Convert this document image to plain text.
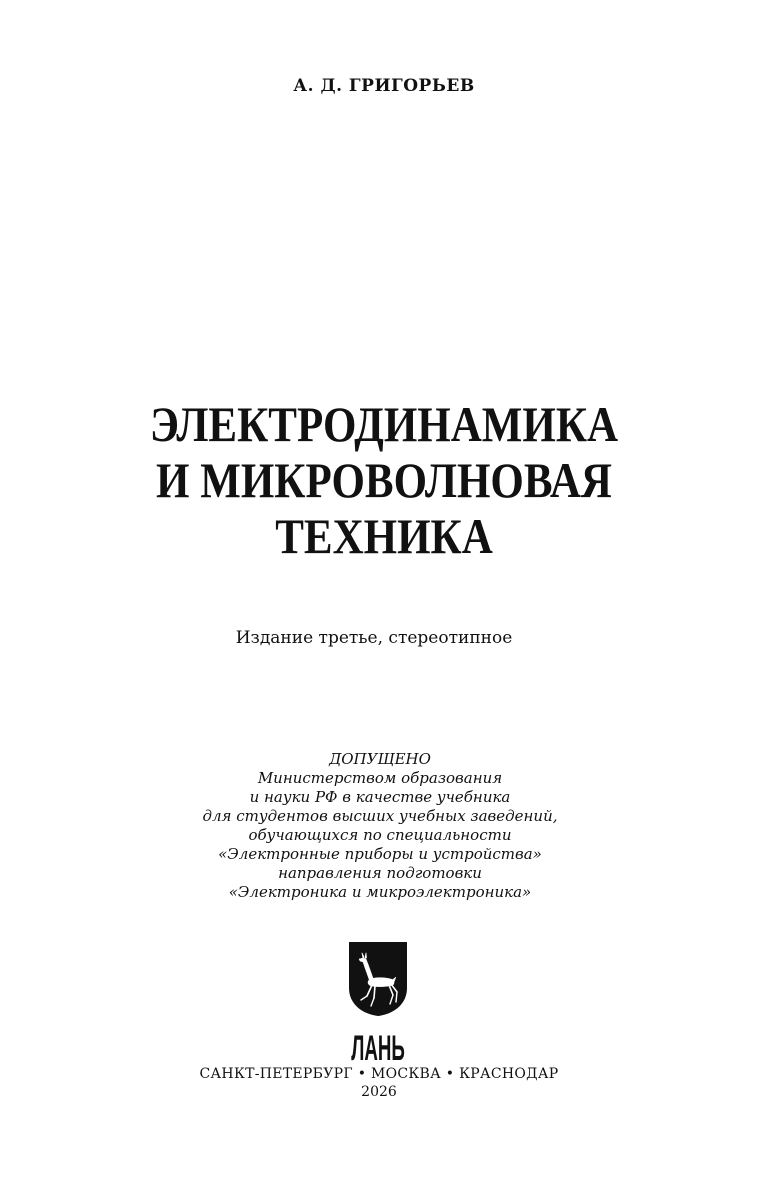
А. Д. ГРИГОРЬЕВ
ЭЛЕКТРОДИНАМИКА
И МИКРОВОЛНОВАЯ
ТЕХНИКА
Издание третье, стереотипное
ДОПУЩЕНО
Министерством образования
и науки РФ в качестве учебника
для студентов высших учебных заведений,
обучающихся по специальности
«Электронные приборы и устройства»
направления подготовки
«Электроника и микроэлектроника»
ЛАНЬ
САНКТ-ПЕТЕРБУРГ • МОСКВА • КРАСНОДАР
2026
